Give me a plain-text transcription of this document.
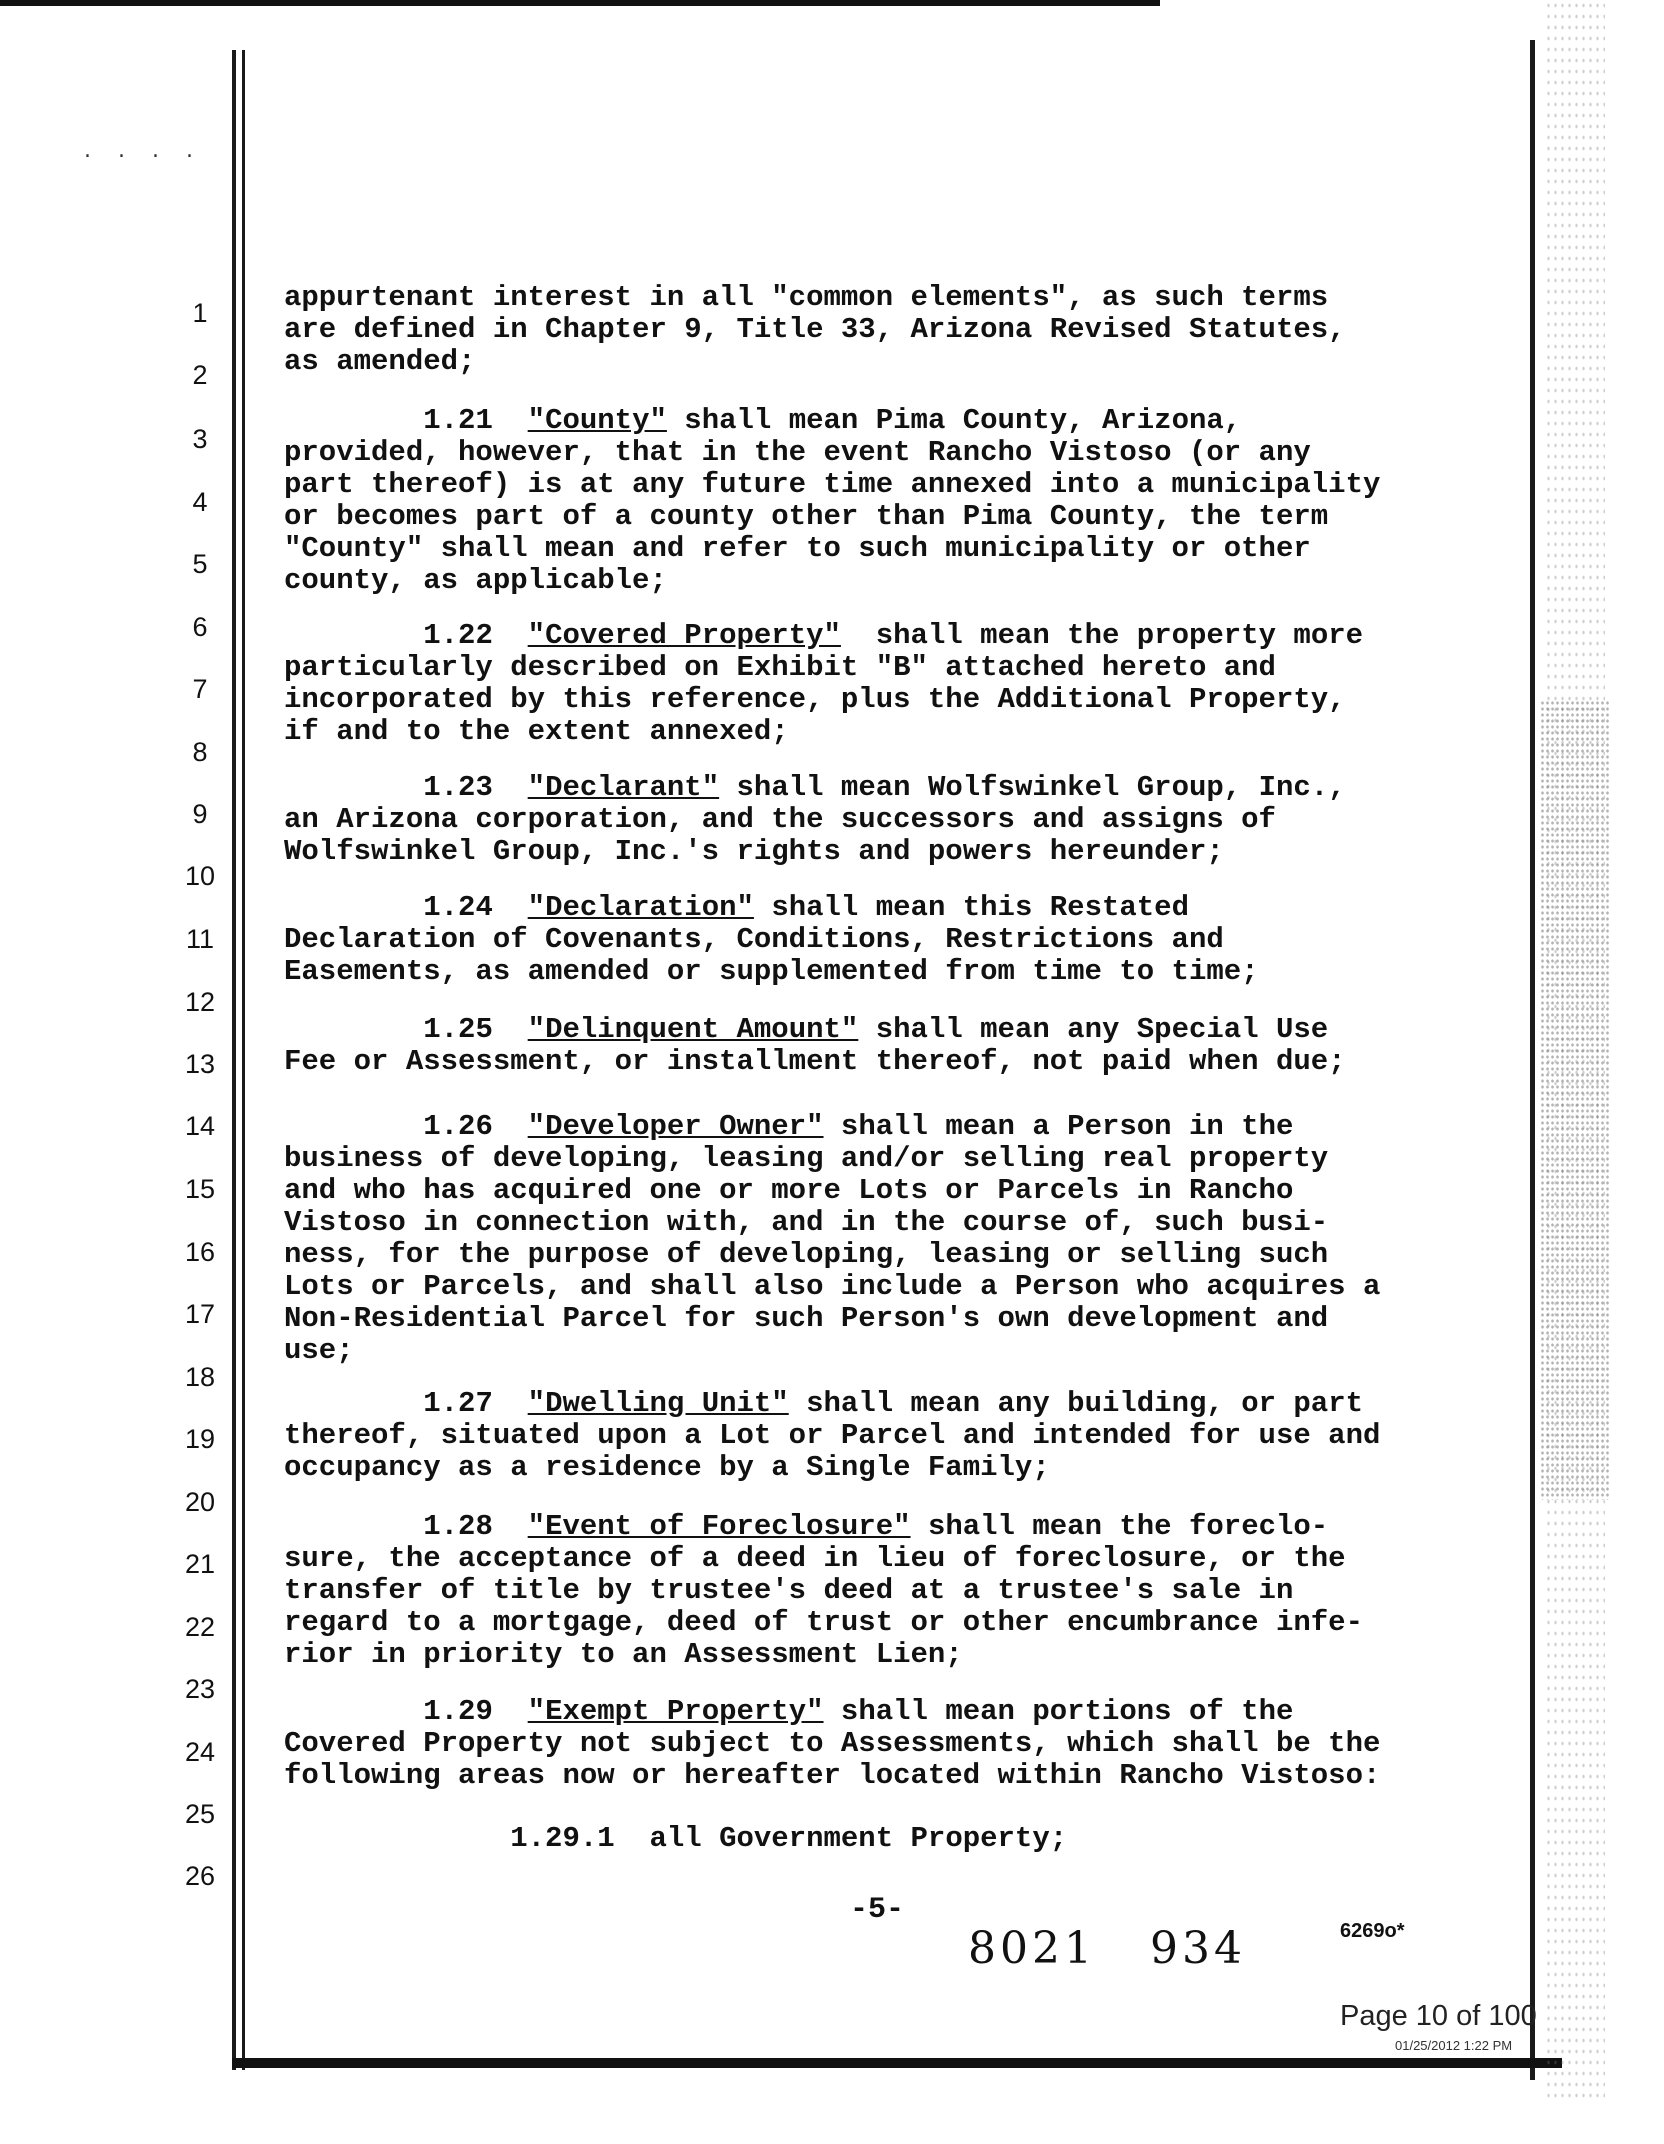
. . . .
1
2
3
4
5
6
7
8
9
10
11
12
13
14
15
16
17
18
19
20
21
22
23
24
25
26
appurtenant interest in all "common elements", as such terms
are defined in Chapter 9, Title 33, Arizona Revised Statutes,
as amended;
1.21 "County" shall mean Pima County, Arizona,
provided, however, that in the event Rancho Vistoso (or any
part thereof) is at any future time annexed into a municipality
or becomes part of a county other than Pima County, the term
"County" shall mean and refer to such municipality or other
county, as applicable;
1.22 "Covered Property"  shall mean the property more
particularly described on Exhibit "B" attached hereto and
incorporated by this reference, plus the Additional Property,
if and to the extent annexed;
1.23 "Declarant" shall mean Wolfswinkel Group, Inc.,
an Arizona corporation, and the successors and assigns of
Wolfswinkel Group, Inc.'s rights and powers hereunder;
1.24 "Declaration" shall mean this Restated
Declaration of Covenants, Conditions, Restrictions and
Easements, as amended or supplemented from time to time;
1.25 "Delinquent Amount" shall mean any Special Use
Fee or Assessment, or installment thereof, not paid when due;
1.26 "Developer Owner" shall mean a Person in the
business of developing, leasing and/or selling real property
and who has acquired one or more Lots or Parcels in Rancho
Vistoso in connection with, and in the course of, such busi-
ness, for the purpose of developing, leasing or selling such
Lots or Parcels, and shall also include a Person who acquires a
Non-Residential Parcel for such Person's own development and
use;
1.27 "Dwelling Unit" shall mean any building, or part
thereof, situated upon a Lot or Parcel and intended for use and
occupancy as a residence by a Single Family;
1.28 "Event of Foreclosure" shall mean the foreclo-
sure, the acceptance of a deed in lieu of foreclosure, or the
transfer of title by trustee's deed at a trustee's sale in
regard to a mortgage, deed of trust or other encumbrance infe-
rior in priority to an Assessment Lien;
1.29 "Exempt Property" shall mean portions of the
Covered Property not subject to Assessments, which shall be the
following areas now or hereafter located within Rancho Vistoso:
1.29.1  all Government Property;
-5-
8021 934	6269o*
Page 10 of 100
01/25/2012 1:22 PM
